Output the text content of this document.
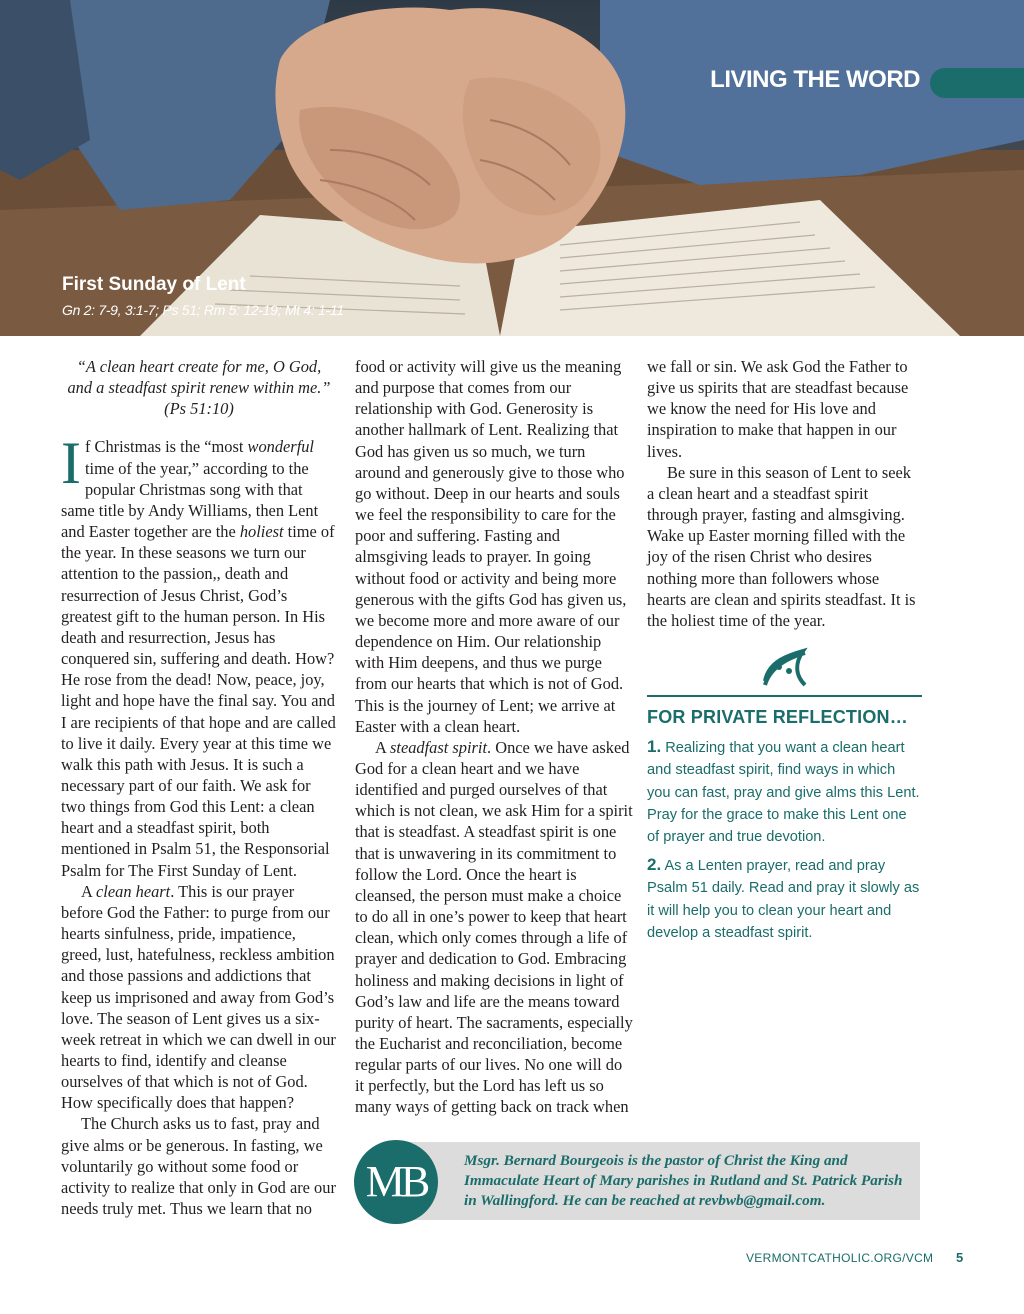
LIVING THE WORD
First Sunday of Lent
Gn 2: 7-9, 3:1-7; Ps 51; Rm 5: 12-19; Mt 4: 1-11

“A clean heart create for me, O God,
and a steadfast spirit renew within me.”
(Ps 51:10)

If Christmas is the “most wonderful time of the year,” according to the popular Christmas song with that same title by Andy Williams, then Lent and Easter together are the holiest time of the year. In these seasons we turn our attention to the passion,, death and resurrection of Jesus Christ, God’s greatest gift to the human person. In His death and resurrection, Jesus has conquered sin, suffering and death. How? He rose from the dead! Now, peace, joy, light and hope have the final say. You and I are recipients of that hope and are called to live it daily. Every year at this time we walk this path with Jesus. It is such a necessary part of our faith. We ask for two things from God this Lent: a clean heart and a steadfast spirit, both mentioned in Psalm 51, the Responsorial Psalm for The First Sunday of Lent.

A clean heart. This is our prayer before God the Father: to purge from our hearts sinfulness, pride, impatience, greed, lust, hatefulness, reckless ambition and those passions and addictions that keep us imprisoned and away from God’s love. The season of Lent gives us a six-week retreat in which we can dwell in our hearts to find, identify and cleanse ourselves of that which is not of God. How specifically does that happen?

The Church asks us to fast, pray and give alms or be generous. In fasting, we voluntarily go without some food or activity to realize that only in God are our needs truly met. Thus we learn that no

food or activity will give us the meaning and purpose that comes from our relationship with God. Generosity is another hallmark of Lent. Realizing that God has given us so much, we turn around and generously give to those who go without. Deep in our hearts and souls we feel the responsibility to care for the poor and suffering. Fasting and almsgiving leads to prayer. In going without food or activity and being more generous with the gifts God has given us, we become more and more aware of our dependence on Him. Our relationship with Him deepens, and thus we purge from our hearts that which is not of God. This is the journey of Lent; we arrive at Easter with a clean heart.

A steadfast spirit. Once we have asked God for a clean heart and we have identified and purged ourselves of that which is not clean, we ask Him for a spirit that is steadfast. A steadfast spirit is one that is unwavering in its commitment to follow the Lord. Once the heart is cleansed, the person must make a choice to do all in one’s power to keep that heart clean, which only comes through a life of prayer and dedication to God. Embracing holiness and making decisions in light of God’s law and life are the means toward purity of heart. The sacraments, especially the Eucharist and reconciliation, become regular parts of our lives. No one will do it perfectly, but the Lord has left us so many ways of getting back on track when

we fall or sin. We ask God the Father to give us spirits that are steadfast because we know the need for His love and inspiration to make that happen in our lives.

Be sure in this season of Lent to seek a clean heart and a steadfast spirit through prayer, fasting and almsgiving. Wake up Easter morning filled with the joy of the risen Christ who desires nothing more than followers whose hearts are clean and spirits steadfast. It is the holiest time of the year.

FOR PRIVATE REFLECTION…
1. Realizing that you want a clean heart and steadfast spirit, find ways in which you can fast, pray and give alms this Lent. Pray for the grace to make this Lent one of prayer and true devotion.
2. As a Lenten prayer, read and pray Psalm 51 daily. Read and pray it slowly as it will help you to clean your heart and develop a steadfast spirit.
MB	Msgr. Bernard Bourgeois is the pastor of Christ the King and Immaculate Heart of Mary parishes in Rutland and St. Patrick Parish in Wallingford. He can be reached at revbwb@gmail.com.
VERMONTCATHOLIC.ORG/VCM 5
